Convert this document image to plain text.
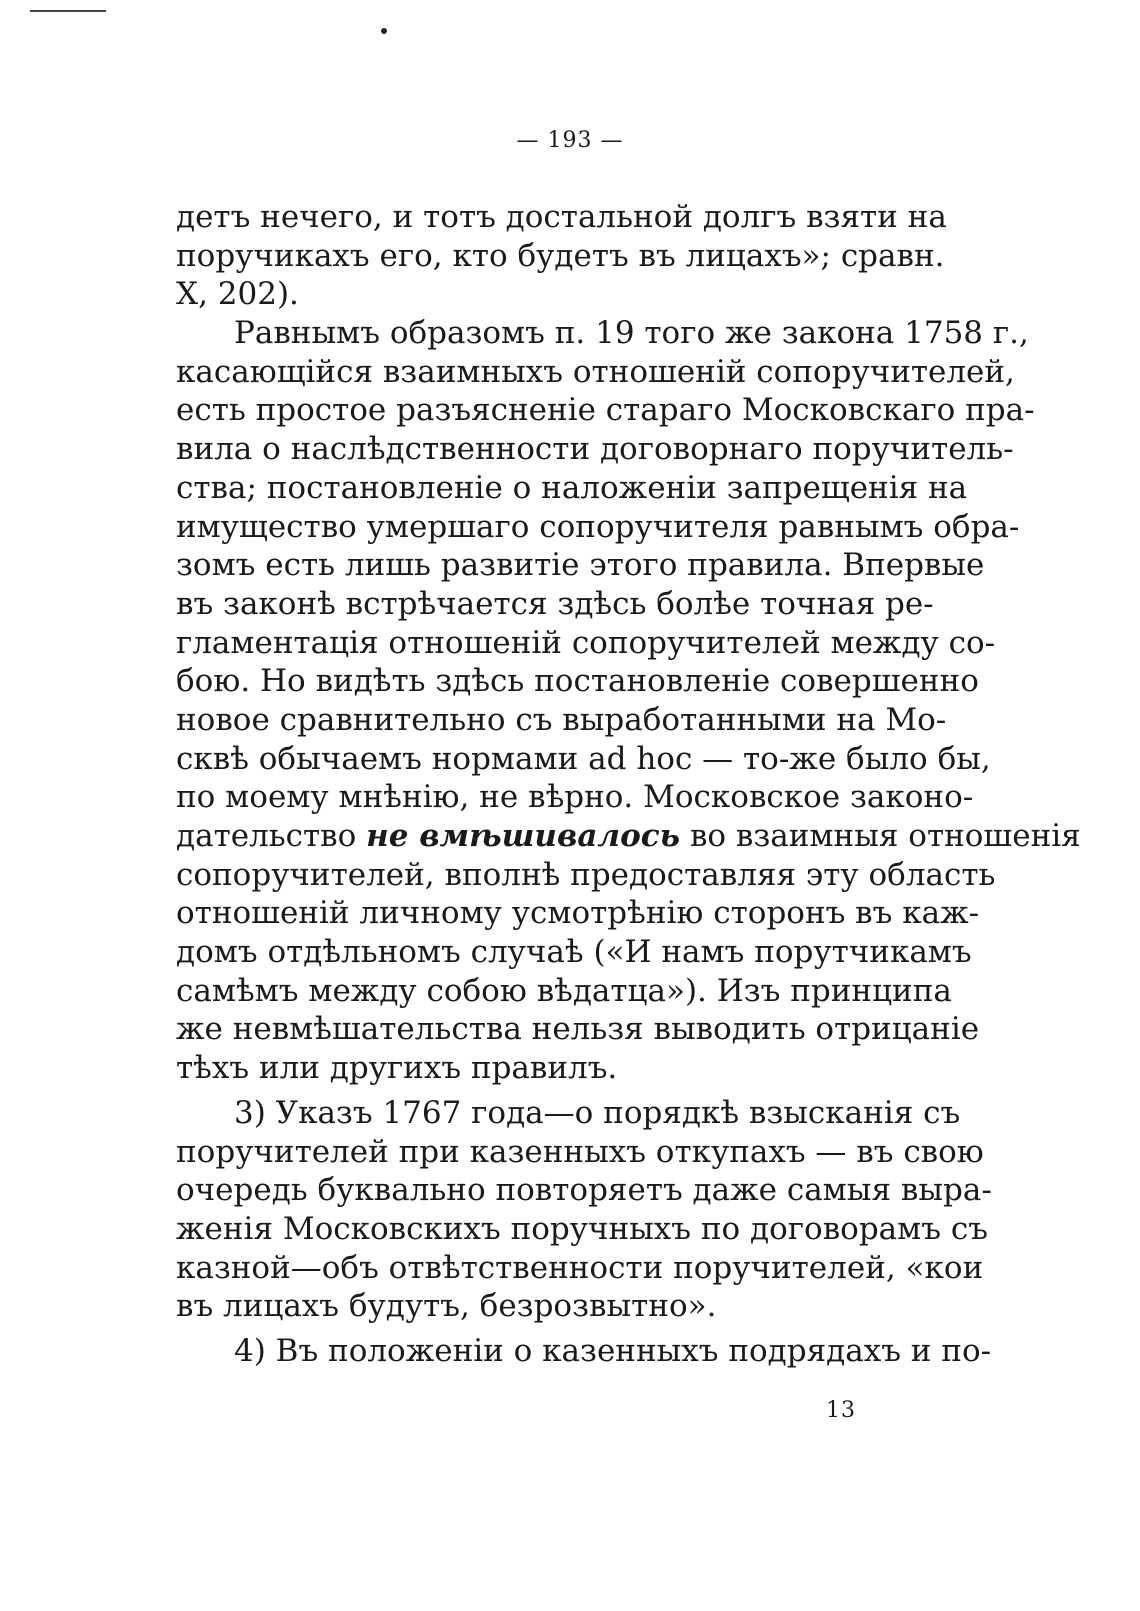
— 193 —
детъ нечего, и тотъ достальной долгъ взяти на
поручикахъ его, кто будетъ въ лицахъ»; сравн.
X, 202).
Равнымъ образомъ п. 19 того же закона 1758 г.,
касающійся взаимныхъ отношеній сопоручителей,
есть простое разъясненіе стараго Московскаго пра-
вила о наслѣдственности договорнаго поручитель-
ства; постановленіе о наложеніи запрещенія на
имущество умершаго сопоручителя равнымъ обра-
зомъ есть лишь развитіе этого правила. Впервые
въ законѣ встрѣчается здѣсь болѣе точная ре-
гламентація отношеній сопоручителей между со-
бою. Но видѣть здѣсь постановленіе совершенно
новое сравнительно съ выработанными на Мо-
сквѣ обычаемъ нормами ad hoc — то-же было бы,
по моему мнѣнію, не вѣрно. Московское законо-
дательство не вмѣшивалось во взаимныя отношенія
сопоручителей, вполнѣ предоставляя эту область
отношеній личному усмотрѣнію сторонъ въ каж-
домъ отдѣльномъ случаѣ («И намъ порутчикамъ
самѣмъ между собою вѣдатца»). Изъ принципа
же невмѣшательства нельзя выводить отрицаніе
тѣхъ или другихъ правилъ.
3) Указъ 1767 года—о порядкѣ взысканія съ
поручителей при казенныхъ откупахъ — въ свою
очередь буквально повторяетъ даже самыя выра-
женія Московскихъ поручныхъ по договорамъ съ
казной—объ отвѣтственности поручителей, «кои
въ лицахъ будутъ, безрозвытно».
4) Въ положеніи о казенныхъ подрядахъ и по-
13
